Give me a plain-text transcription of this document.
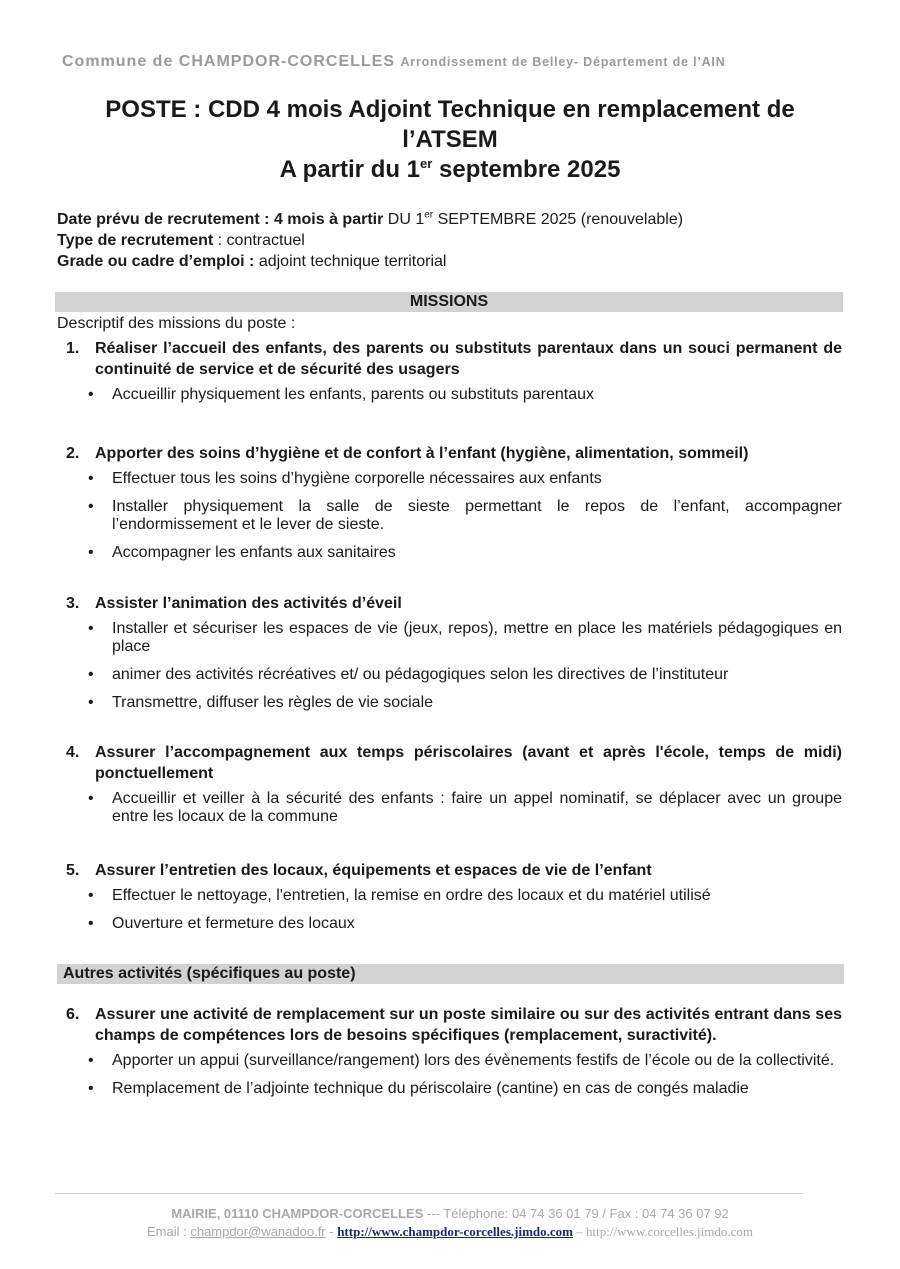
Commune de CHAMPDOR-CORCELLES Arrondissement de Belley- Département de l’AIN
POSTE : CDD 4 mois Adjoint Technique en remplacement de
l’ATSEM
A partir du 1er septembre 2025
Date prévu de recrutement : 4 mois à partir DU 1er SEPTEMBRE 2025 (renouvelable)
Type de recrutement : contractuel
Grade ou cadre d’emploi : adjoint technique territorial
MISSIONS
Descriptif des missions du poste :
1. Réaliser l’accueil des enfants, des parents ou substituts parentaux dans un souci permanent de continuité de service et de sécurité des usagers
•	Accueillir physiquement les enfants, parents ou substituts parentaux
2. Apporter des soins d’hygiène et de confort à l’enfant (hygiène, alimentation, sommeil)
•	Effectuer tous les soins d’hygiène corporelle nécessaires aux enfants
•	Installer physiquement la salle de sieste permettant le repos de l’enfant, accompagner l’endormissement et le lever de sieste.
•	Accompagner les enfants aux sanitaires
3. Assister l’animation des activités d’éveil
•	Installer et sécuriser les espaces de vie (jeux, repos), mettre en place les matériels pédagogiques en place
•	animer des activités récréatives et/ ou pédagogiques selon les directives de l’instituteur
•	Transmettre, diffuser les règles de vie sociale
4. Assurer l’accompagnement aux temps périscolaires (avant et après l'école, temps de midi) ponctuellement
•	Accueillir et veiller à la sécurité des enfants : faire un appel nominatif, se déplacer avec un groupe entre les locaux de la commune
5. Assurer l’entretien des locaux, équipements et espaces de vie de l’enfant
•	Effectuer le nettoyage, l'entretien, la remise en ordre des locaux et du matériel utilisé
•	Ouverture et fermeture des locaux
Autres activités (spécifiques au poste)
6. Assurer une activité de remplacement sur un poste similaire ou sur des activités entrant dans ses champs de compétences lors de besoins spécifiques (remplacement, suractivité).
•	Apporter un appui (surveillance/rangement) lors des évènements festifs de l’école ou de la collectivité.
•	Remplacement de l’adjointe technique du périscolaire (cantine) en cas de congés maladie
MAIRIE, 01110 CHAMPDOR-CORCELLES --- Téléphone: 04 74 36 01 79 / Fax : 04 74 36 07 92
Email : champdor@wanadoo.fr - http://www.champdor-corcelles.jimdo.com – http://www.corcelles.jimdo.com
